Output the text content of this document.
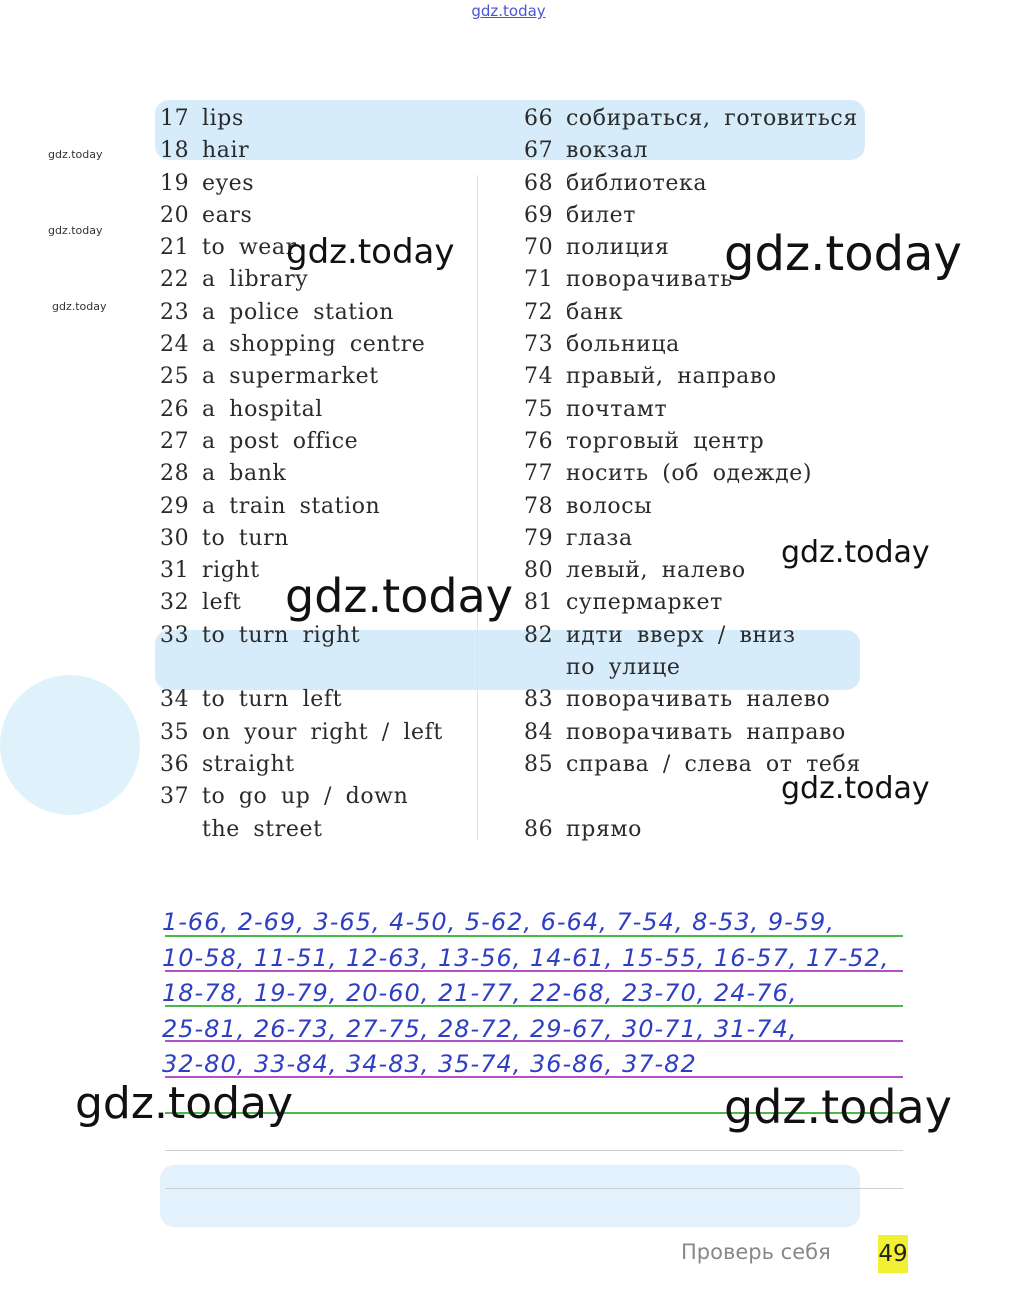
gdz.today
gdz.today
gdz.today
gdz.today
17 lips
18 hair
19 eyes
20 ears
21 to wear
22 a library
23 a police station
24 a shopping centre
25 a supermarket
26 a hospital
27 a post office
28 a bank
29 a train station
30 to turn
31 right
32 left
33 to turn right
34 to turn left
35 on your right / left
36 straight
37 to go up / down
the street
66 собираться, готовиться
67 вокзал
68 библиотека
69 билет
70 полиция
71 поворачивать
72 банк
73 больница
74 правый, направо
75 почтамт
76 торговый центр
77 носить (об одежде)
78 волосы
79 глаза
80 левый, налево
81 супермаркет
82 идти вверх / вниз
по улице
83 поворачивать налево
84 поворачивать направо
85 справа / слева от тебя
86 прямо
gdz.today	gdz.today
gdz.today
gdz.today
gdz.today
1-66, 2-69, 3-65, 4-50, 5-62, 6-64, 7-54, 8-53, 9-59,
10-58, 11-51, 12-63, 13-56, 14-61, 15-55, 16-57, 17-52,
18-78, 19-79, 20-60, 21-77, 22-68, 23-70, 24-76,
25-81, 26-73, 27-75, 28-72, 29-67, 30-71, 31-74,
32-80, 33-84, 34-83, 35-74, 36-86, 37-82
gdz.today	gdz.today
Проверь себя 49
